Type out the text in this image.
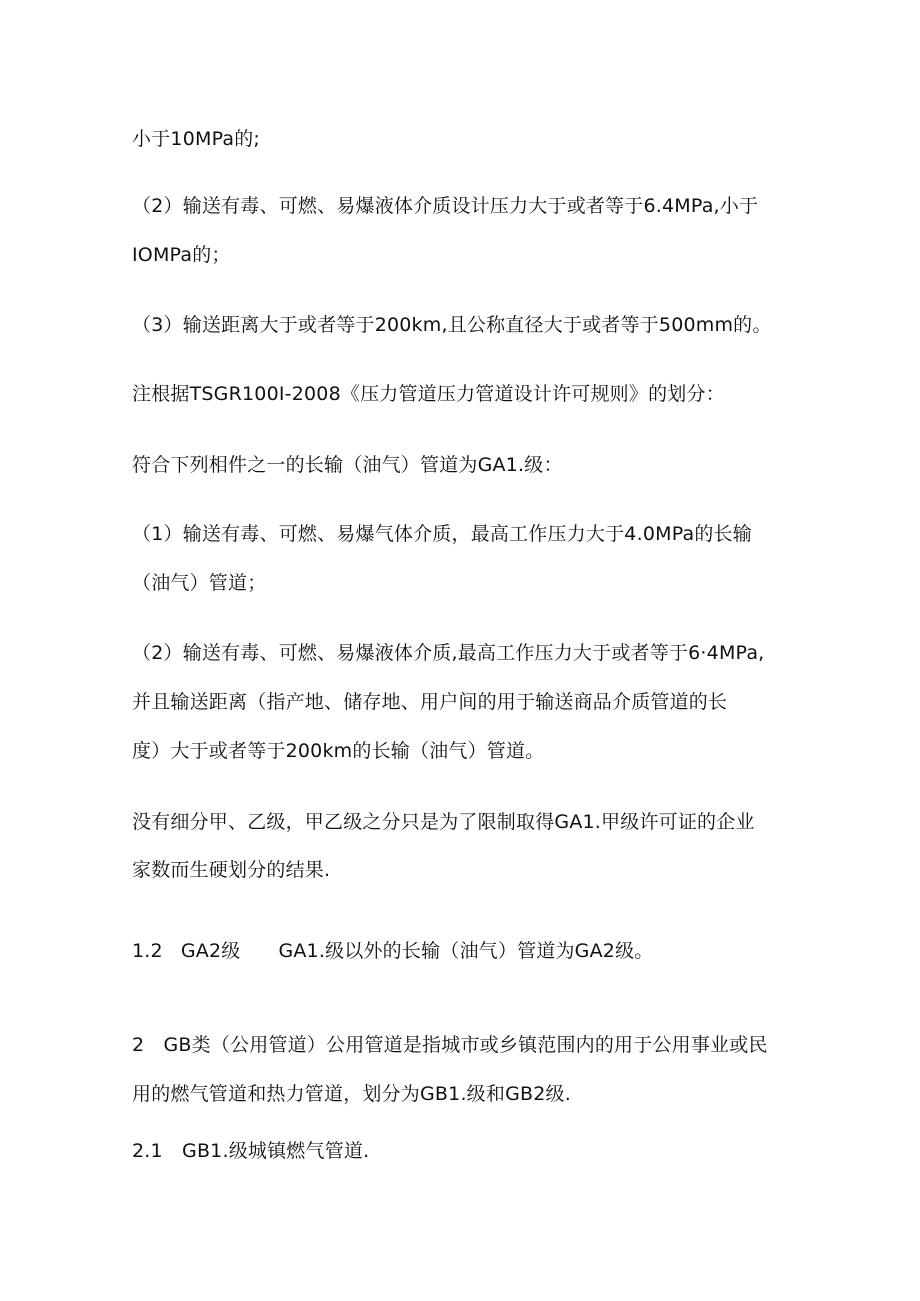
小于10MPa的;
（2）输送有毒、可燃、易爆液体介质设计压力大于或者等于6.4MPa,小于
IOMPa的；
（3）输送距离大于或者等于200km,且公称直径大于或者等于500mm的。
注根据TSGR100I-2008《压力管道压力管道设计许可规则》的划分：
符合下列相件之一的长输（油气）管道为GA1.级：
（1）输送有毒、可燃、易爆气体介质，最高工作压力大于4.0MPa的长输
（油气）管道；
（2）输送有毒、可燃、易爆液体介质,最高工作压力大于或者等于6·4MPa,
并且输送距离（指产地、储存地、用户间的用于输送商品介质管道的长
度）大于或者等于200km的长输（油气）管道。
没有细分甲、乙级，甲乙级之分只是为了限制取得GA1.甲级许可证的企业
家数而生硬划分的结果.
1.2 GA2级 GA1.级以外的长输（油气）管道为GA2级。
2　GB类（公用管道）公用管道是指城市或乡镇范围内的用于公用事业或民
用的燃气管道和热力管道，划分为GB1.级和GB2级.
2.1　GB1.级城镇燃气管道.
